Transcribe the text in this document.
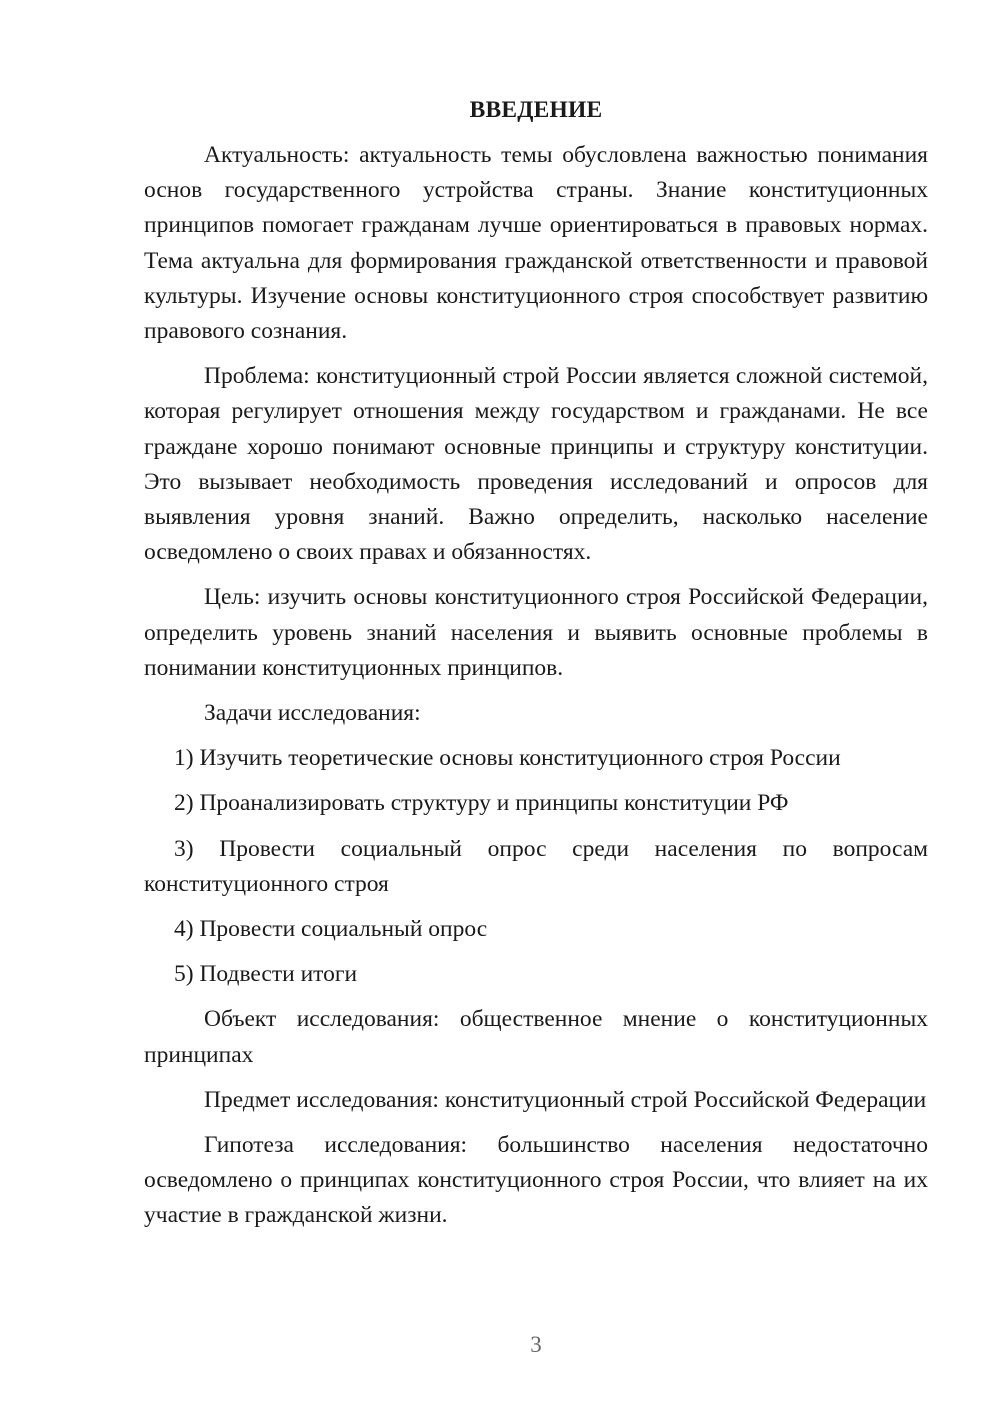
ВВЕДЕНИЕ

Актуальность: актуальность темы обусловлена важностью понимания основ государственного устройства страны. Знание конституционных принципов помогает гражданам лучше ориентироваться в правовых нормах. Тема актуальна для формирования гражданской ответственности и правовой культуры. Изучение основы конституционного строя способствует развитию правового сознания.

Проблема: конституционный строй России является сложной системой, которая регулирует отношения между государством и гражданами. Не все граждане хорошо понимают основные принципы и структуру конституции. Это вызывает необходимость проведения исследований и опросов для выявления уровня знаний. Важно определить, насколько население осведомлено о своих правах и обязанностях.

Цель: изучить основы конституционного строя Российской Федерации, определить уровень знаний населения и выявить основные проблемы в понимании конституционных принципов.

Задачи исследования:

1) Изучить теоретические основы конституционного строя России

2) Проанализировать структуру и принципы конституции РФ

3) Провести социальный опрос среди населения по вопросам конституционного строя

4) Провести социальный опрос

5) Подвести итоги

Объект исследования: общественное мнение о конституционных принципах

Предмет исследования: конституционный строй Российской Федерации

Гипотеза исследования: большинство населения недостаточно осведомлено о принципах конституционного строя России, что влияет на их участие в гражданской жизни.

3
